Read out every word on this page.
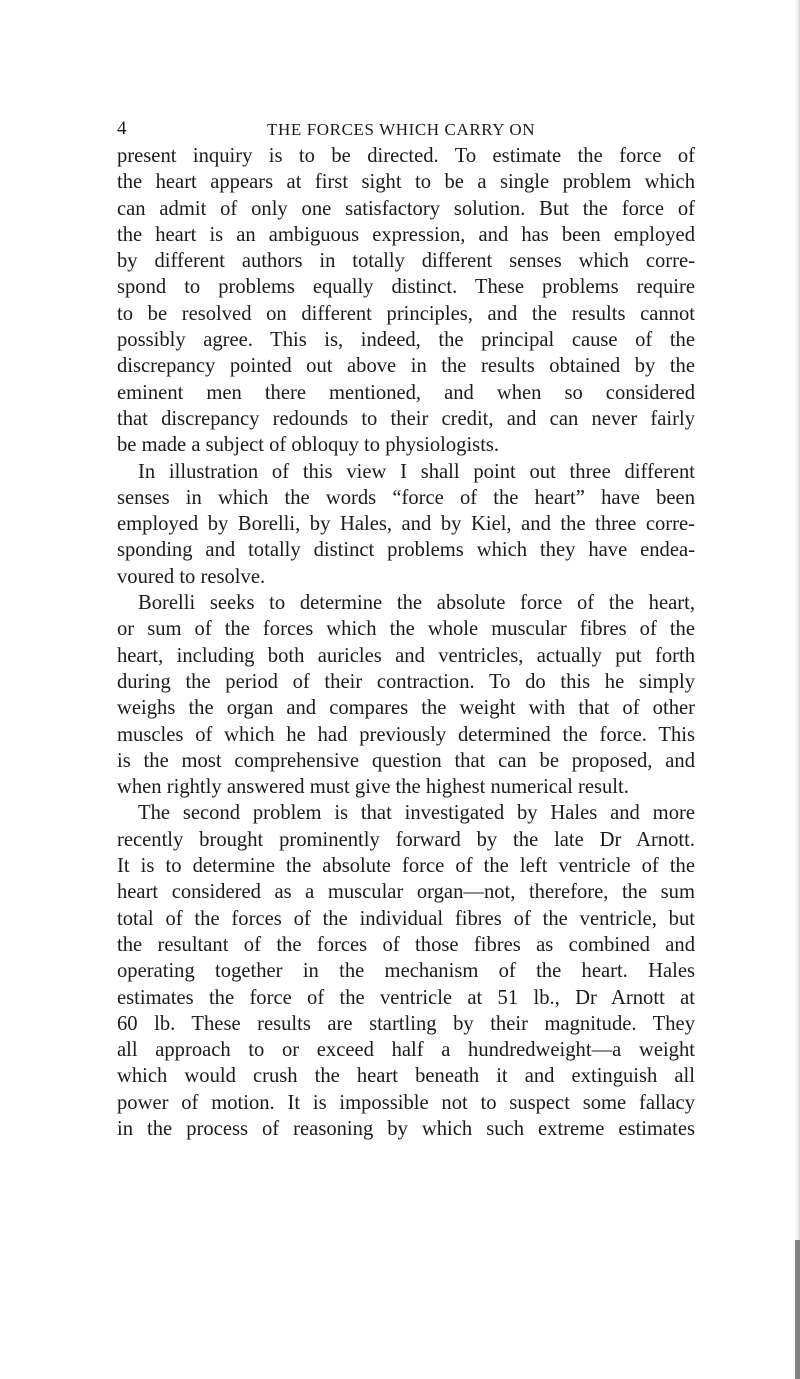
4	THE FORCES WHICH CARRY ON
present inquiry is to be directed. To estimate the force of
the heart appears at first sight to be a single problem which
can admit of only one satisfactory solution. But the force of
the heart is an ambiguous expression, and has been employed
by different authors in totally different senses which corre-
spond to problems equally distinct. These problems require
to be resolved on different principles, and the results cannot
possibly agree. This is, indeed, the principal cause of the
discrepancy pointed out above in the results obtained by the
eminent men there mentioned, and when so considered
that discrepancy redounds to their credit, and can never fairly
be made a subject of obloquy to physiologists.
In illustration of this view I shall point out three different
senses in which the words “force of the heart” have been
employed by Borelli, by Hales, and by Kiel, and the three corre-
sponding and totally distinct problems which they have endea-
voured to resolve.
Borelli seeks to determine the absolute force of the heart,
or sum of the forces which the whole muscular fibres of the
heart, including both auricles and ventricles, actually put forth
during the period of their contraction. To do this he simply
weighs the organ and compares the weight with that of other
muscles of which he had previously determined the force. This
is the most comprehensive question that can be proposed, and
when rightly answered must give the highest numerical result.
The second problem is that investigated by Hales and more
recently brought prominently forward by the late Dr Arnott.
It is to determine the absolute force of the left ventricle of the
heart considered as a muscular organ—not, therefore, the sum
total of the forces of the individual fibres of the ventricle, but
the resultant of the forces of those fibres as combined and
operating together in the mechanism of the heart. Hales
estimates the force of the ventricle at 51 lb., Dr Arnott at
60 lb. These results are startling by their magnitude. They
all approach to or exceed half a hundredweight—a weight
which would crush the heart beneath it and extinguish all
power of motion. It is impossible not to suspect some fallacy
in the process of reasoning by which such extreme estimates
